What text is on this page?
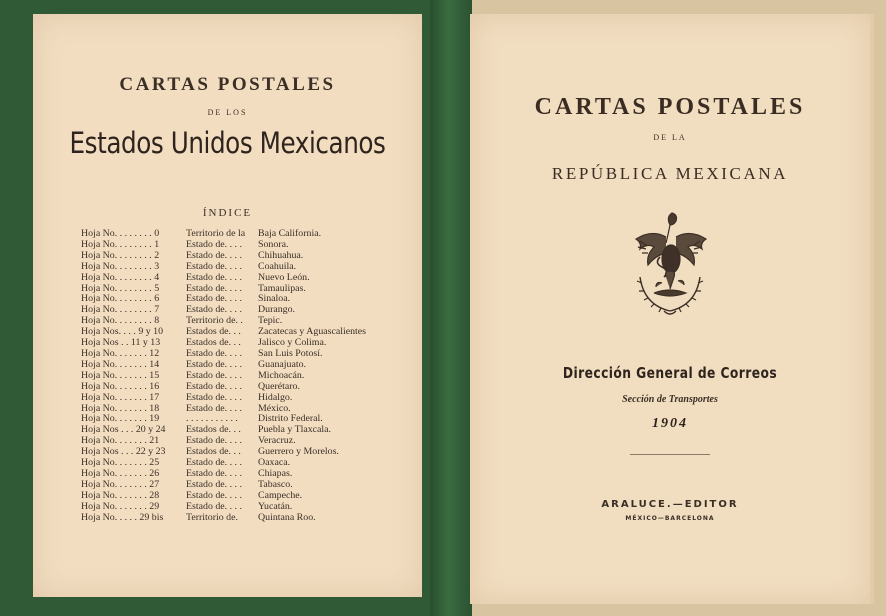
CARTAS POSTALES
DE LOS
Estados Unidos Mexicanos
ÍNDICE
Hoja No. . . . . . . . 0	Territorio de la Baja California.
Hoja No. . . . . . . . 1	Estado de. . . . Sonora.
Hoja No. . . . . . . . 2	Estado de. . . . Chihuahua.
Hoja No. . . . . . . . 3	Estado de. . . . Coahuila.
Hoja No. . . . . . . . 4	Estado de. . . . Nuevo León.
Hoja No. . . . . . . . 5	Estado de. . . . Tamaulipas.
Hoja No. . . . . . . . 6	Estado de. . . . Sinaloa.
Hoja No. . . . . . . . 7	Estado de. . . . Durango.
Hoja No. . . . . . . . 8	Territorio de. . Tepic.
Hoja Nos. . . . 9 y 10 Estados de. . . Zacatecas y Aguascalientes
Hoja Nos . . 11 y 13	Estados de. . . Jalisco y Colima.
Hoja No. . . . . . . 12	Estado de. . . . San Luis Potosí.
Hoja No. . . . . . . 14	Estado de. . . . Guanajuato.
Hoja No. . . . . . . 15	Estado de. . . . Michoacán.
Hoja No. . . . . . . 16	Estado de. . . . Querétaro.
Hoja No. . . . . . . 17	Estado de. . . . Hidalgo.
Hoja No. . . . . . . 18	Estado de. . . . México.
Hoja No. . . . . . . 19	. . . . . . . . . . . Distrito Federal.
Hoja Nos . . . 20 y 24 Estados de. . . Puebla y Tlaxcala.
Hoja No. . . . . . . 21	Estado de. . . . Veracruz.
Hoja Nos . . . 22 y 23 Estados de. . . Guerrero y Morelos.
Hoja No. . . . . . . 25	Estado de. . . . Oaxaca.
Hoja No. . . . . . . 26	Estado de. . . . Chiapas.
Hoja No. . . . . . . 27	Estado de. . . . Tabasco.
Hoja No. . . . . . . 28	Estado de. . . . Campeche.
Hoja No. . . . . . . 29	Estado de. . . . Yucatán.
Hoja No. . . . . 29 bis Territorio de. Quintana Roo.
CARTAS POSTALES
DE LA
REPÚBLICA MEXICANA
Dirección General de Correos
Sección de Transportes
1904
ARALUCE.—EDITOR
MÉXICO—BARCELONA
